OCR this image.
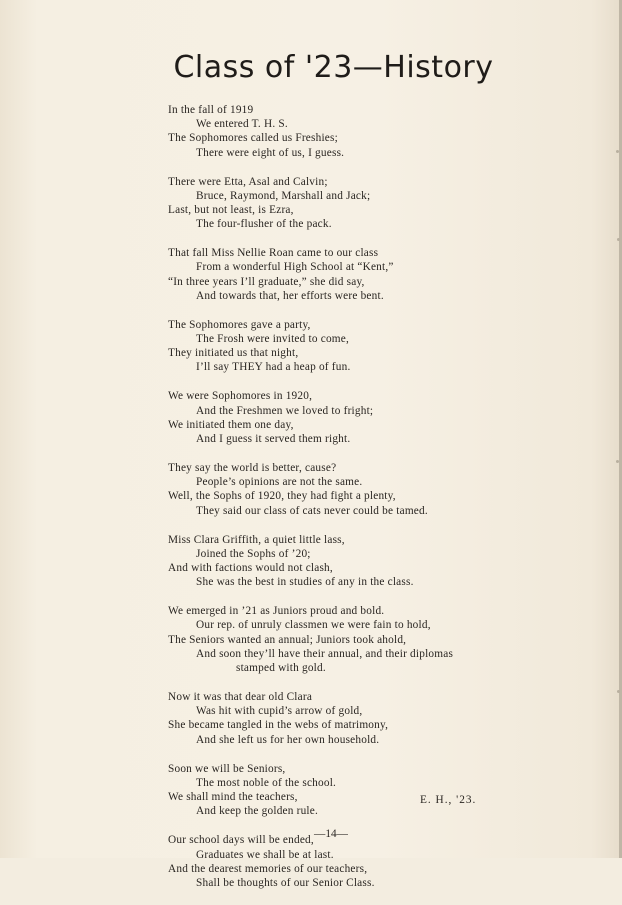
Class of '23—History
In the fall of 1919
We entered T. H. S.
The Sophomores called us Freshies;
There were eight of us, I guess.
There were Etta, Asal and Calvin;
Bruce, Raymond, Marshall and Jack;
Last, but not least, is Ezra,
The four-flusher of the pack.
That fall Miss Nellie Roan came to our class
From a wonderful High School at “Kent,”
“In three years I’ll graduate,” she did say,
And towards that, her efforts were bent.
The Sophomores gave a party,
The Frosh were invited to come,
They initiated us that night,
I’ll say THEY had a heap of fun.
We were Sophomores in 1920,
And the Freshmen we loved to fright;
We initiated them one day,
And I guess it served them right.
They say the world is better, cause?
People’s opinions are not the same.
Well, the Sophs of 1920, they had fight a plenty,
They said our class of cats never could be tamed.
Miss Clara Griffith, a quiet little lass,
Joined the Sophs of ’20;
And with factions would not clash,
She was the best in studies of any in the class.
We emerged in ’21 as Juniors proud and bold.
Our rep. of unruly classmen we were fain to hold,
The Seniors wanted an annual; Juniors took ahold,
And soon they’ll have their annual, and their diplomas
stamped with gold.
Now it was that dear old Clara
Was hit with cupid’s arrow of gold,
She became tangled in the webs of matrimony,
And she left us for her own household.
Soon we will be Seniors,
The most noble of the school.
We shall mind the teachers,
And keep the golden rule.
Our school days will be ended,
Graduates we shall be at last.
And the dearest memories of our teachers,
Shall be thoughts of our Senior Class.
E. H., '23.
—14—
